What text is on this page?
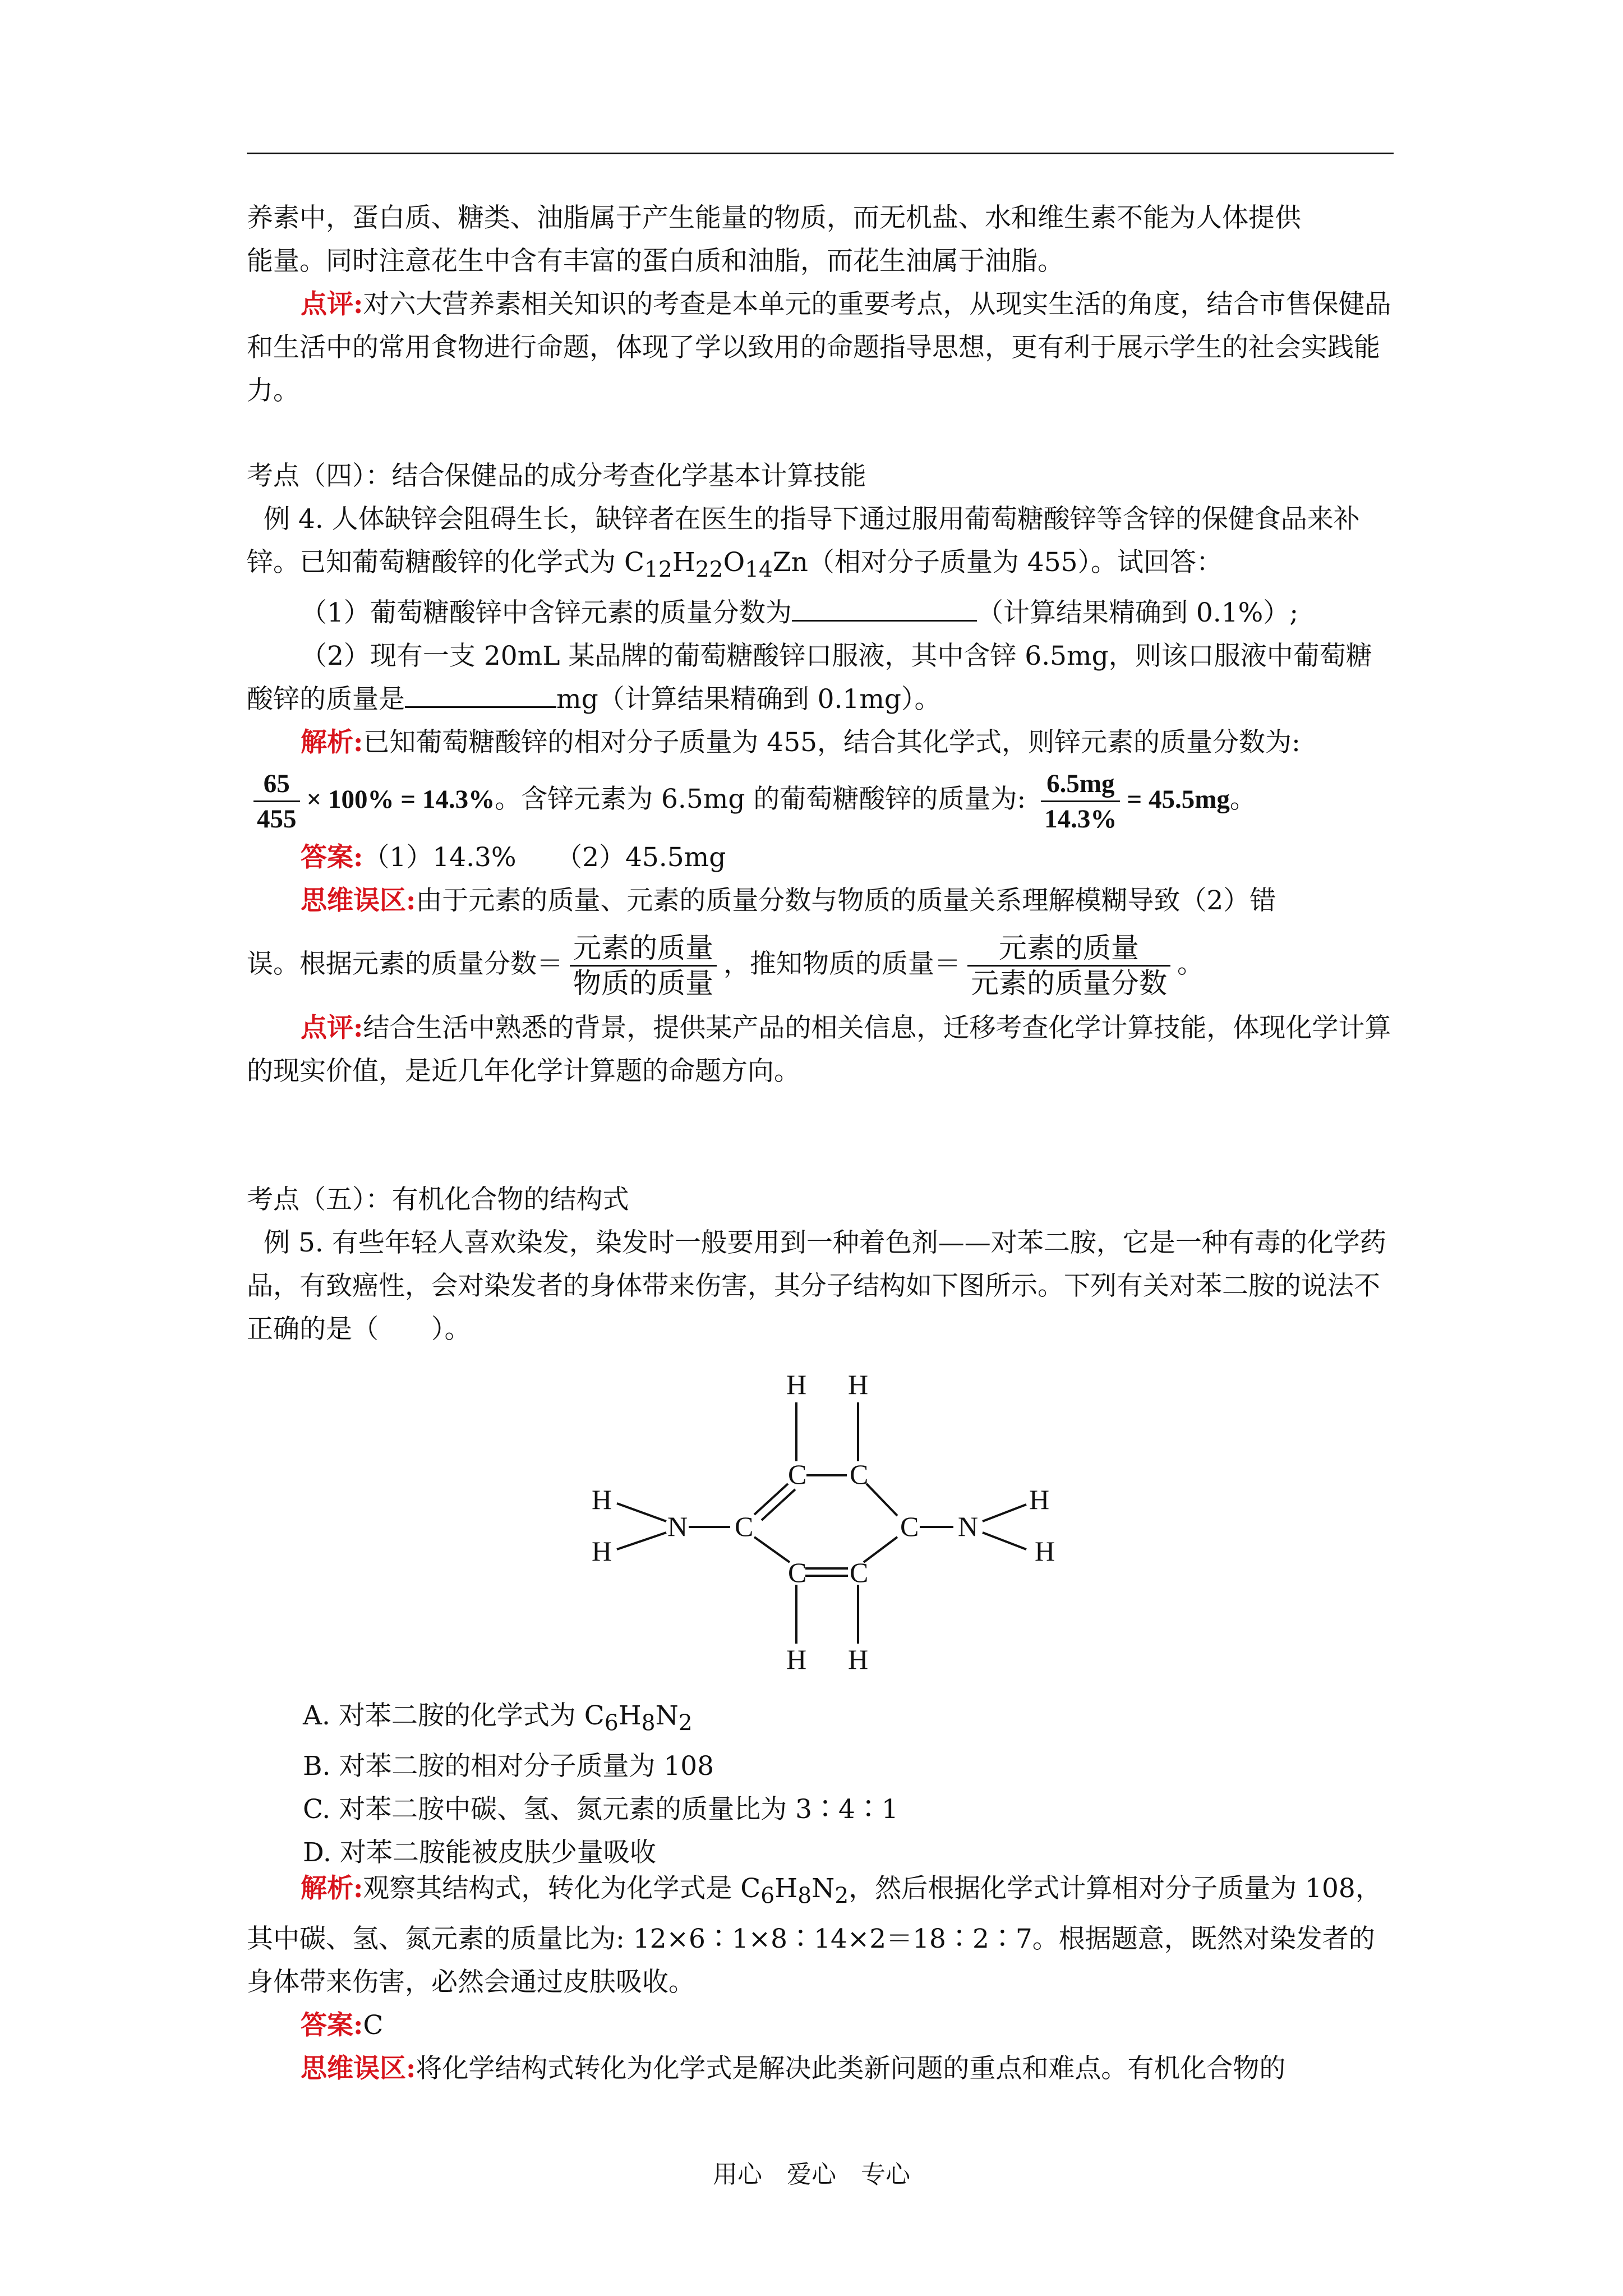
养素中，蛋白质、糖类、油脂属于产生能量的物质，而无机盐、水和维生素不能为人体提供

能量。同时注意花生中含有丰富的蛋白质和油脂，而花生油属于油脂。

点评:对六大营养素相关知识的考查是本单元的重要考点，从现实生活的角度，结合市售保健品和生活中的常用食物进行命题，体现了学以致用的命题指导思想，更有利于展示学生的社会实践能力。

考点（四）：结合保健品的成分考查化学基本计算技能

例 4. 人体缺锌会阻碍生长，缺锌者在医生的指导下通过服用葡萄糖酸锌等含锌的保健食品来补锌。已知葡萄糖酸锌的化学式为 $C_{12}H_{22}O_{14}Zn$（相对分子质量为 455）。试回答：

（1）葡萄糖酸锌中含锌元素的质量分数为	（计算结果精确到 0.1%）;

（2）现有一支 20mL 某品牌的葡萄糖酸锌口服液，其中含锌 6.5mg，则该口服液中葡萄糖酸锌的质量是	mg（计算结果精确到 0.1mg）。

解析:已知葡萄糖酸锌的相对分子质量为 455，结合其化学式，则锌元素的质量分数为:

$\frac{65}{455} \times 100\% = 14.3\%$。含锌元素为 6.5mg 的葡萄糖酸锌的质量为: $\frac{6.5mg}{14.3\%} = 45.5mg$。

答案:（1）14.3%　　（2）45.5mg

思维误区:由于元素的质量、元素的质量分数与物质的质量关系理解模糊导致（2）错

误。根据元素的质量分数＝ $\frac{\text{元素的质量}}{\text{物质的质量}}$ ，推知物质的质量＝ $\frac{\text{元素的质量}}{\text{元素的质量分数}}$ 。

点评:结合生活中熟悉的背景，提供某产品的相关信息，迁移考查化学计算技能，体现化学计算的现实价值，是近几年化学计算题的命题方向。

考点（五）：有机化合物的结构式

例 5. 有些年轻人喜欢染发，染发时一般要用到一种着色剂——对苯二胺，它是一种有毒的化学药品，有致癌性，会对染发者的身体带来伤害，其分子结构如下图所示。下列有关对苯二胺的说法不正确的是（　　）。

H H
C C
C	C
C C
H H
N	N
H
H
H
H

A. 对苯二胺的化学式为 $C_6H_8N_2$

B. 对苯二胺的相对分子质量为 108

C. 对苯二胺中碳、氢、氮元素的质量比为 3∶4∶1

D. 对苯二胺能被皮肤少量吸收

解析:观察其结构式，转化为化学式是 $C_6H_8N_2$，然后根据化学式计算相对分子质量为 108，其中碳、氢、氮元素的质量比为: 12×6∶1×8∶14×2＝18∶2∶7。根据题意，既然对染发者的身体带来伤害，必然会通过皮肤吸收。

答案:C

思维误区:将化学结构式转化为化学式是解决此类新问题的重点和难点。有机化合物的

用心　爱心　专心
